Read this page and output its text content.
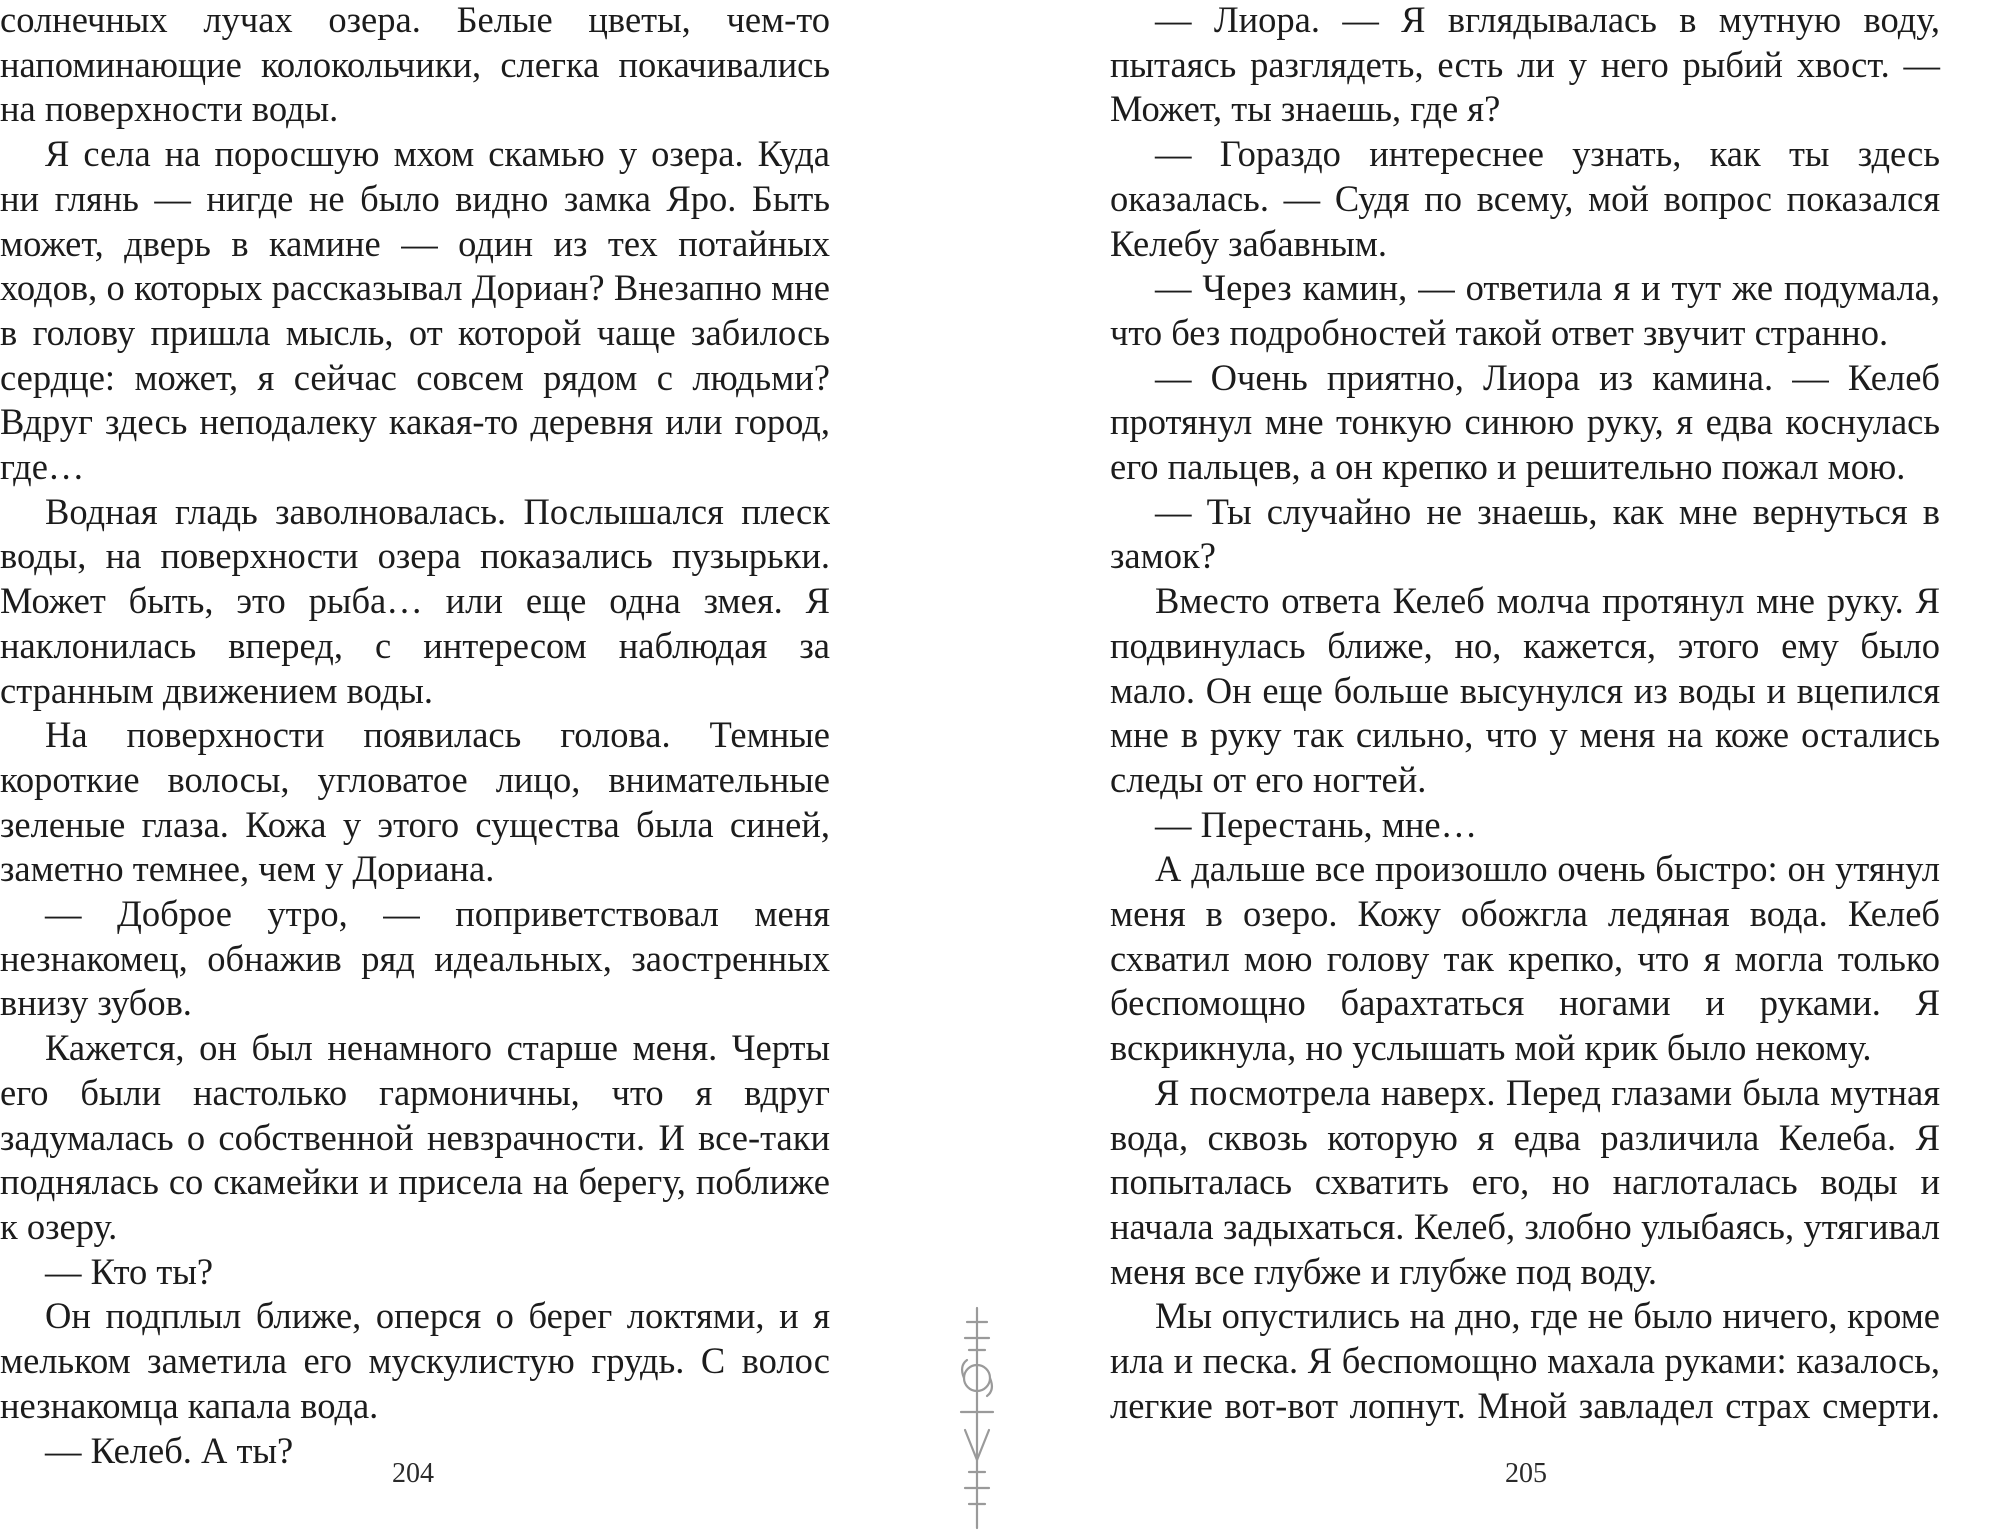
солнечных лучах озера. Белые цветы, чем-то напоминающие колокольчики, слегка покачивались на поверхности воды.

Я села на поросшую мхом скамью у озера. Куда ни глянь — нигде не было видно замка Яро. Быть может, дверь в камине — один из тех потайных ходов, о которых рассказывал Дориан? Внезапно мне в голову пришла мысль, от которой чаще забилось сердце: может, я сейчас совсем рядом с людьми? Вдруг здесь неподалеку какая-то деревня или город, где…

Водная гладь заволновалась. Послышался плеск воды, на поверхности озера показались пузырьки. Может быть, это рыба… или еще одна змея. Я наклонилась вперед, с интересом наблюдая за странным движением воды.

На поверхности появилась голова. Темные короткие волосы, угловатое лицо, внимательные зеленые глаза. Кожа у этого существа была синей, заметно темнее, чем у Дориана.

— Доброе утро, — поприветствовал меня незнакомец, обнажив ряд идеальных, заостренных внизу зубов.

Кажется, он был ненамного старше меня. Черты его были настолько гармоничны, что я вдруг задумалась о собственной невзрачности. И все-таки поднялась со скамейки и присела на берегу, поближе к озеру.

— Кто ты?

Он подплыл ближе, оперся о берег локтями, и я мельком заметила его мускулистую грудь. С волос незнакомца капала вода.

— Келеб. А ты?

204

— Лиора. — Я вглядывалась в мутную воду, пытаясь разглядеть, есть ли у него рыбий хвост. — Может, ты знаешь, где я?

— Гораздо интереснее узнать, как ты здесь оказалась. — Судя по всему, мой вопрос показался Келебу забавным.

— Через камин, — ответила я и тут же подумала, что без подробностей такой ответ звучит странно.

— Очень приятно, Лиора из камина. — Келеб протянул мне тонкую синюю руку, я едва коснулась его пальцев, а он крепко и решительно пожал мою.

— Ты случайно не знаешь, как мне вернуться в замок?

Вместо ответа Келеб молча протянул мне руку. Я подвинулась ближе, но, кажется, этого ему было мало. Он еще больше высунулся из воды и вцепился мне в руку так сильно, что у меня на коже остались следы от его ногтей.

— Перестань, мне…

А дальше все произошло очень быстро: он утянул меня в озеро. Кожу обожгла ледяная вода. Келеб схватил мою голову так крепко, что я могла только беспомощно барахтаться ногами и руками. Я вскрикнула, но услышать мой крик было некому.

Я посмотрела наверх. Перед глазами была мутная вода, сквозь которую я едва различила Келеба. Я попыталась схватить его, но наглоталась воды и начала задыхаться. Келеб, злобно улыбаясь, утягивал меня все глубже и глубже под воду.

Мы опустились на дно, где не было ничего, кроме ила и песка. Я беспомощно махала руками: казалось, легкие вот-вот лопнут. Мной завладел страх смерти.

205
